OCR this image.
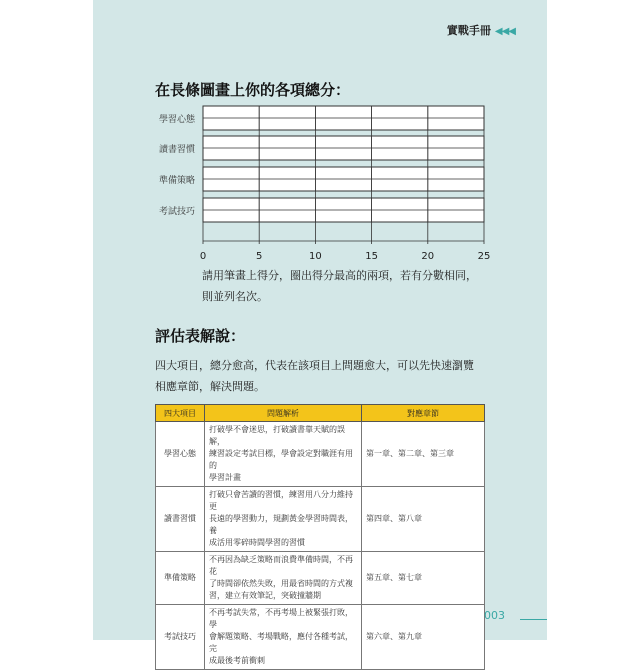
實戰手冊 ◀◀◀
在長條圖畫上你的各項總分：
學習心態
讀書習慣
準備策略
考試技巧
0	5	10	15	20	25
請用筆畫上得分，圈出得分最高的兩項，若有分數相同，
則並列名次。
評估表解說：
四大項目，總分愈高，代表在該項目上問題愈大，可以先快速瀏覽
相應章節，解決問題。
四大項目	問題解析	對應章節
學習心態	打破學不會迷思，打破讀書靠天賦的誤解，
練習設定考試目標，學會設定對職涯有用的
學習計畫	第一章、第二章、第三章
讀書習慣	打破只會苦讀的習慣，練習用八分力維持更
長遠的學習動力，規劃黃金學習時間表，養
成活用零碎時間學習的習慣	第四章、第八章
準備策略	不再因為缺乏策略而浪費準備時間，不再花
了時間卻依然失敗，用最省時間的方式複
習，建立有效筆記，突破撞牆期	第五章、第七章
考試技巧	不再考試失常，不再考場上被緊張打敗，學
會解題策略、考場戰略，應付各種考試，完
成最後考前衝刺	第六章、第九章
003
